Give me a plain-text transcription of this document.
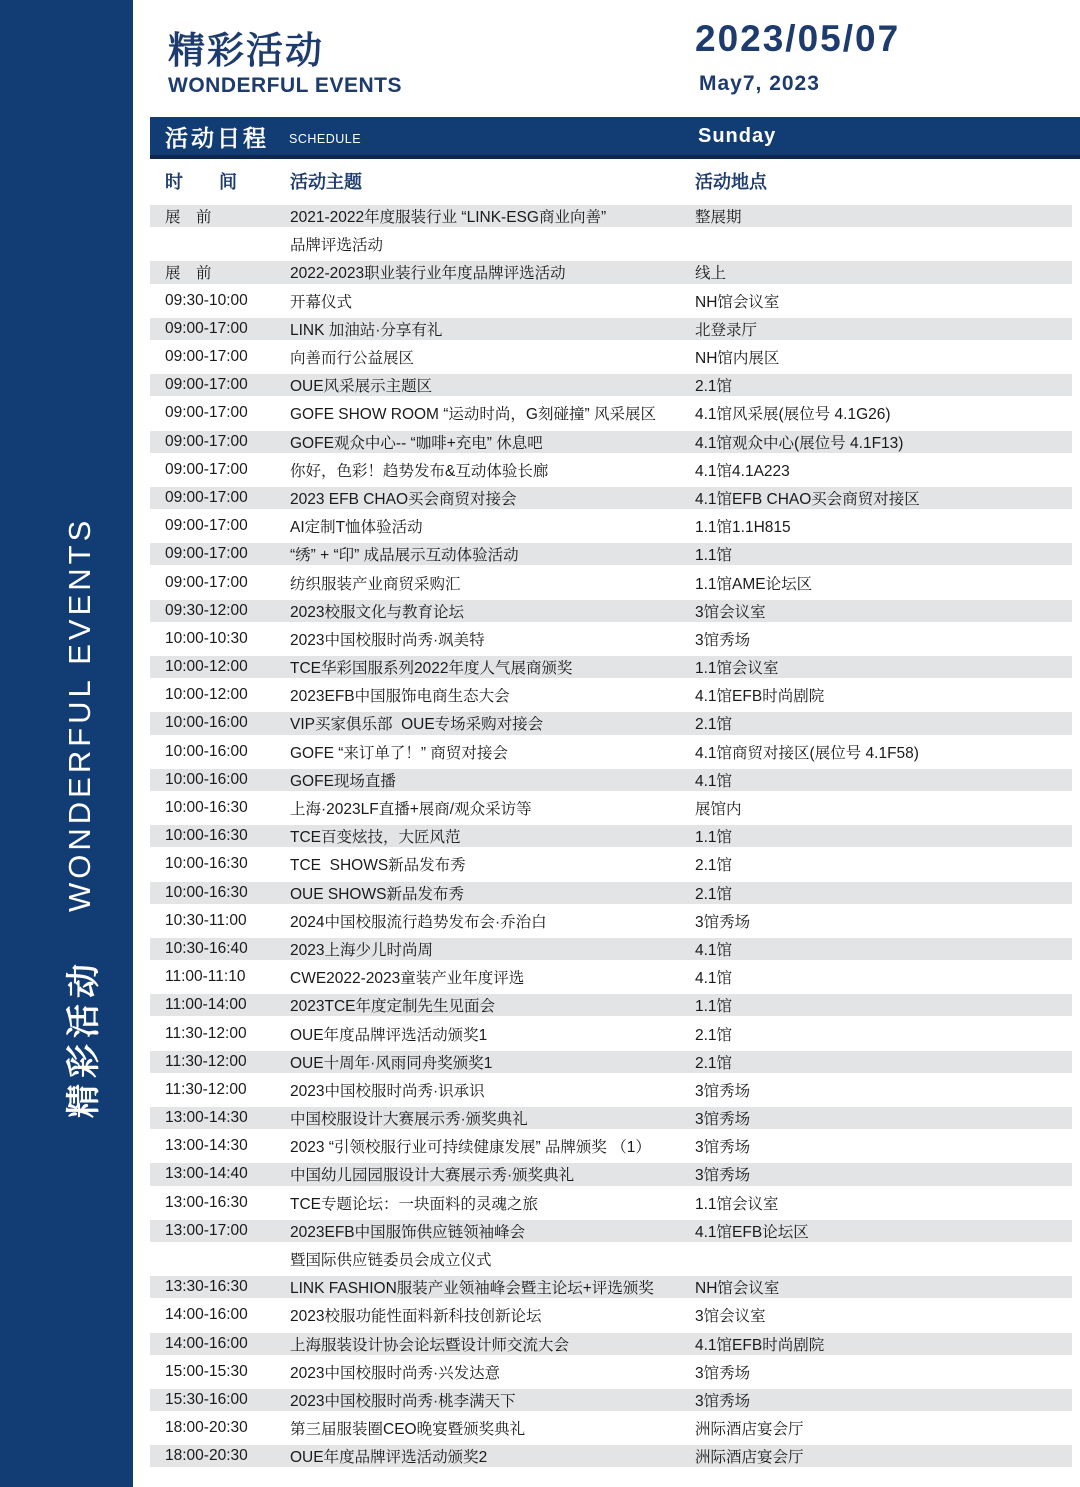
精彩活动
WONDERFUL EVENTS
精彩活动
WONDERFUL EVENTS
2023/05/07
May7, 2023
活动日程 SCHEDULE	Sunday
时　　间	活动主题	活动地点
展　前	2021-2022年度服装行业 “LINK-ESG商业向善”	整展期
品牌评选活动
展　前	2022-2023职业装行业年度品牌评选活动	线上
09:30-10:00	开幕仪式	NH馆会议室
09:00-17:00	LINK 加油站·分享有礼	北登录厅
09:00-17:00	向善而行公益展区	NH馆内展区
09:00-17:00	OUE风采展示主题区	2.1馆
09:00-17:00	GOFE SHOW ROOM “运动时尚，G刻碰撞” 风采展区	4.1馆风采展(展位号 4.1G26)
09:00-17:00	GOFE观众中心-- “咖啡+充电” 休息吧	4.1馆观众中心(展位号 4.1F13)
09:00-17:00	你好，色彩！趋势发布&互动体验长廊	4.1馆4.1A223
09:00-17:00	2023 EFB CHAO买会商贸对接会	4.1馆EFB CHAO买会商贸对接区
09:00-17:00	AI定制T恤体验活动	1.1馆1.1H815
09:00-17:00	“绣” + “印” 成品展示互动体验活动	1.1馆
09:00-17:00	纺织服装产业商贸采购汇	1.1馆AME论坛区
09:30-12:00	2023校服文化与教育论坛	3馆会议室
10:00-10:30	2023中国校服时尚秀·飒美特	3馆秀场
10:00-12:00	TCE华彩国服系列2022年度人气展商颁奖	1.1馆会议室
10:00-12:00	2023EFB中国服饰电商生态大会	4.1馆EFB时尚剧院
10:00-16:00	VIP买家俱乐部  OUE专场采购对接会	2.1馆
10:00-16:00	GOFE “来订单了！” 商贸对接会	4.1馆商贸对接区(展位号 4.1F58)
10:00-16:00	GOFE现场直播	4.1馆
10:00-16:30	上海·2023LF直播+展商/观众采访等	展馆内
10:00-16:30	TCE百变炫技，大匠风范	1.1馆
10:00-16:30	TCE  SHOWS新品发布秀	2.1馆
10:00-16:30	OUE SHOWS新品发布秀	2.1馆
10:30-11:00	2024中国校服流行趋势发布会·乔治白	3馆秀场
10:30-16:40	2023上海少儿时尚周	4.1馆
11:00-11:10	CWE2022-2023童装产业年度评选	4.1馆
11:00-14:00	2023TCE年度定制先生见面会	1.1馆
11:30-12:00	OUE年度品牌评选活动颁奖1	2.1馆
11:30-12:00	OUE十周年·风雨同舟奖颁奖1	2.1馆
11:30-12:00	2023中国校服时尚秀·识承识	3馆秀场
13:00-14:30	中国校服设计大赛展示秀·颁奖典礼	3馆秀场
13:00-14:30	2023 “引领校服行业可持续健康发展” 品牌颁奖 （1）	3馆秀场
13:00-14:40	中国幼儿园园服设计大赛展示秀·颁奖典礼	3馆秀场
13:00-16:30	TCE专题论坛：一块面料的灵魂之旅	1.1馆会议室
13:00-17:00	2023EFB中国服饰供应链领袖峰会	4.1馆EFB论坛区
暨国际供应链委员会成立仪式
13:30-16:30	LINK FASHION服装产业领袖峰会暨主论坛+评选颁奖	NH馆会议室
14:00-16:00	2023校服功能性面料新科技创新论坛	3馆会议室
14:00-16:00	上海服装设计协会论坛暨设计师交流大会	4.1馆EFB时尚剧院
15:00-15:30	2023中国校服时尚秀·兴发达意	3馆秀场
15:30-16:00	2023中国校服时尚秀·桃李满天下	3馆秀场
18:00-20:30	第三届服装圈CEO晚宴暨颁奖典礼	洲际酒店宴会厅
18:00-20:30	OUE年度品牌评选活动颁奖2	洲际酒店宴会厅
